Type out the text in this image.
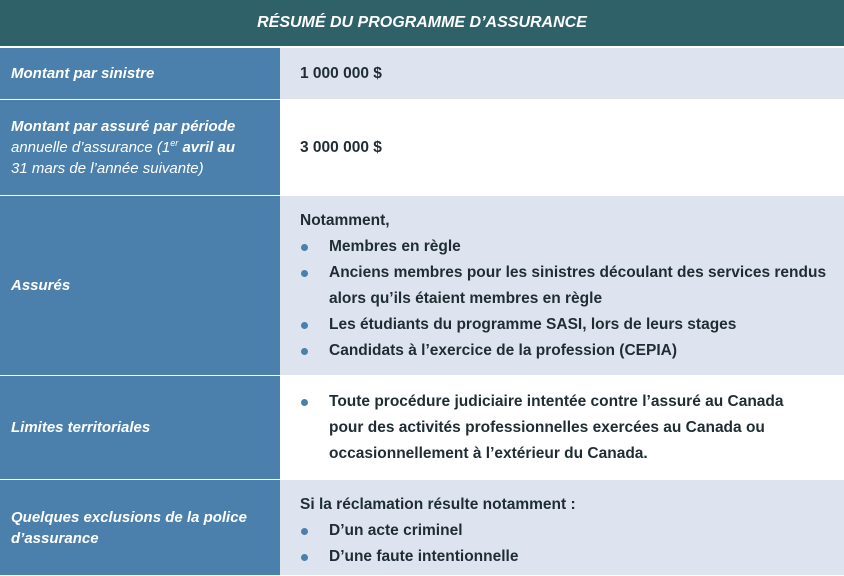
RÉSUMÉ DU PROGRAMME D’ASSURANCE
Montant par sinistre	1 000 000 $
Montant par assuré par période
annuelle d’assurance (1er avril au
31 mars de l’année suivante)
3 000 000 $
Assurés
Notamment,
Membres en règle
Anciens membres pour les sinistres découlant des services rendus
alors qu’ils étaient membres en règle
Les étudiants du programme SASI, lors de leurs stages
Candidats à l’exercice de la profession (CEPIA)
Limites territoriales
Toute procédure judiciaire intentée contre l’assuré au Canada
pour des activités professionnelles exercées au Canada ou
occasionnellement à l’extérieur du Canada.
Quelques exclusions de la police
d’assurance
Si la réclamation résulte notamment :
D’un acte criminel
D’une faute intentionnelle
